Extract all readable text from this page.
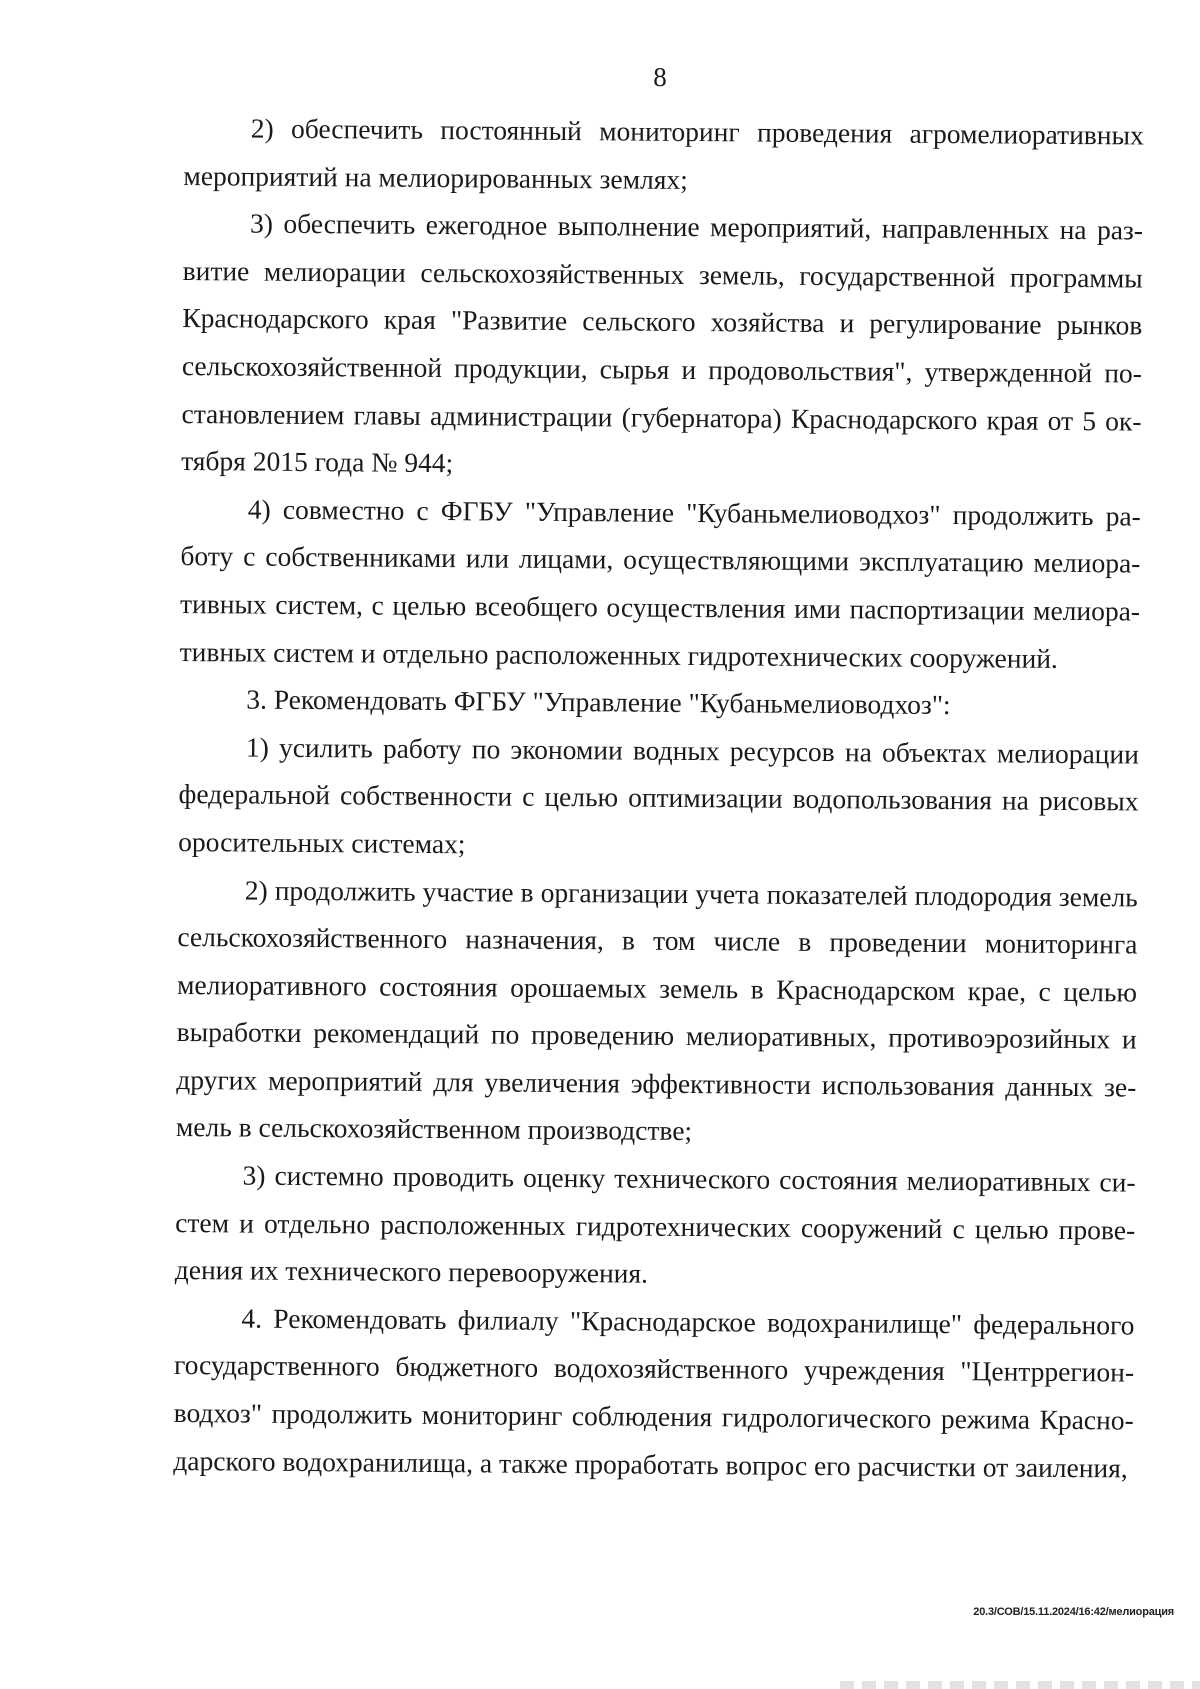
8

2) обеспечить постоянный мониторинг проведения агромелиоративных мероприятий на мелиорированных землях;

3) обеспечить ежегодное выполнение мероприятий, направленных на развитие мелиорации сельскохозяйственных земель, государственной программы Краснодарского края "Развитие сельского хозяйства и регулирование рынков сельскохозяйственной продукции, сырья и продовольствия", утвержденной постановлением главы администрации (губернатора) Краснодарского края от 5 октября 2015 года № 944;

4) совместно с ФГБУ "Управление "Кубаньмелиоводхоз" продолжить работу с собственниками или лицами, осуществляющими эксплуатацию мелиоративных систем, с целью всеобщего осуществления ими паспортизации мелиоративных систем и отдельно расположенных гидротехнических сооружений.

3. Рекомендовать ФГБУ "Управление "Кубаньмелиоводхоз":

1) усилить работу по экономии водных ресурсов на объектах мелиорации федеральной собственности с целью оптимизации водопользования на рисовых оросительных системах;

2) продолжить участие в организации учета показателей плодородия земель сельскохозяйственного назначения, в том числе в проведении мониторинга мелиоративного состояния орошаемых земель в Краснодарском крае, с целью выработки рекомендаций по проведению мелиоративных, противоэрозийных и других мероприятий для увеличения эффективности использования данных земель в сельскохозяйственном производстве;

3) системно проводить оценку технического состояния мелиоративных систем и отдельно расположенных гидротехнических сооружений с целью проведения их технического перевооружения.

4. Рекомендовать филиалу "Краснодарское водохранилище" федерального государственного бюджетного водохозяйственного учреждения "Центррегионводхоз" продолжить мониторинг соблюдения гидрологического режима Краснодарского водохранилища, а также проработать вопрос его расчистки от заиления,

20.3/СОВ/15.11.2024/16:42/мелиорация
